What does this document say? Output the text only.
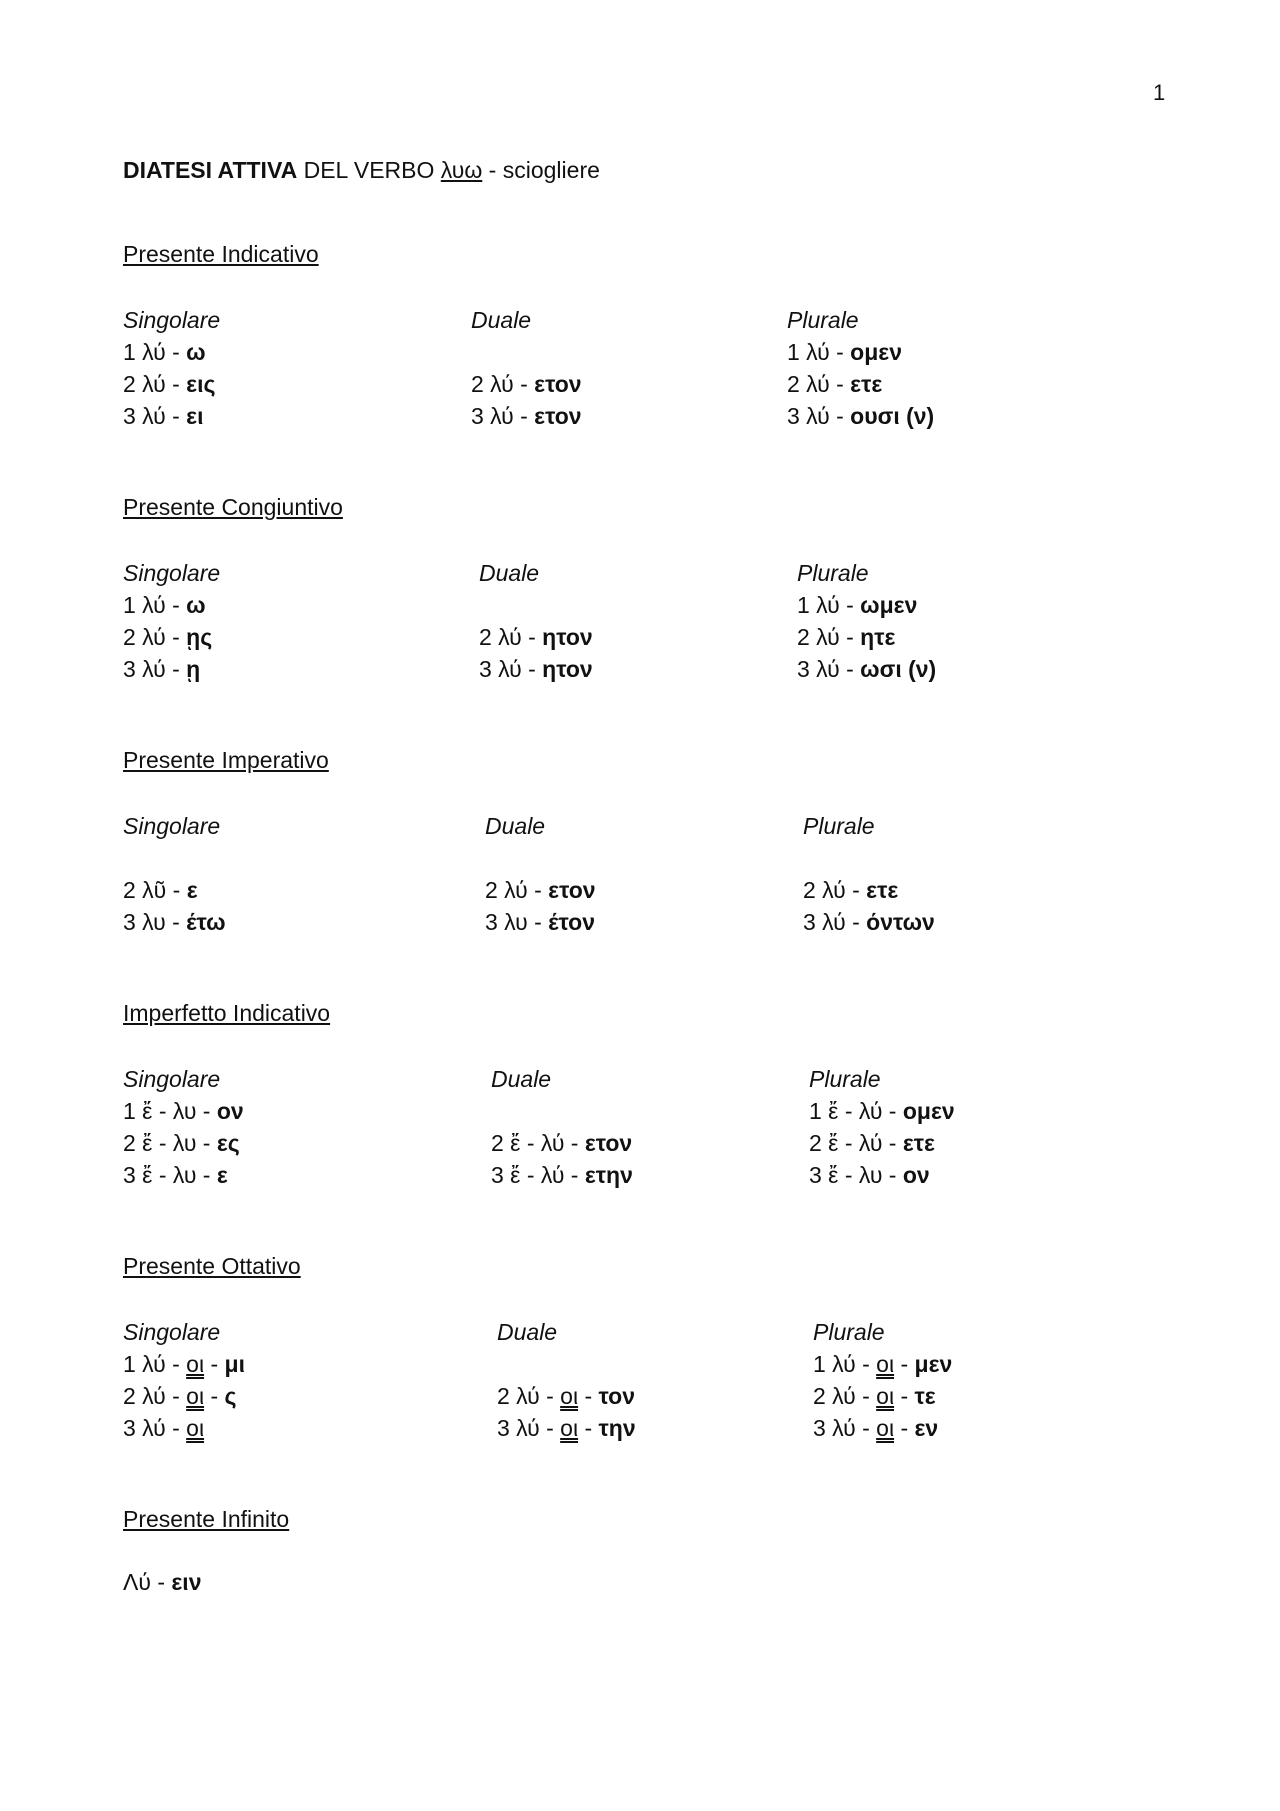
1
DIATESI ATTIVA DEL VERBO λυω - sciogliere
Presente Indicativo
Singolare
1 λύ - ω
2 λύ - εις
3 λύ - ει
Duale
2 λύ - ετον
3 λύ - ετον
Plurale
1 λύ - ομεν
2 λύ - ετε
3 λύ - ουσι (ν)
Presente Congiuntivo
Singolare
1 λύ - ω
2 λύ - ῃς
3 λύ - ῃ
Duale
2 λύ - ητον
3 λύ - ητον
Plurale
1 λύ - ωμεν
2 λύ - ητε
3 λύ - ωσι (ν)
Presente Imperativo
Singolare
2 λῦ - ε
3 λυ - έτω
Duale
2 λύ - ετον
3 λυ - έτον
Plurale
2 λύ - ετε
3 λύ - όντων
Imperfetto Indicativo
Singolare
1 ἔ - λυ - ον
2 ἔ - λυ - ες
3 ἔ - λυ - ε
Duale
2 ἔ - λύ - ετον
3 ἔ - λύ - ετην
Plurale
1 ἔ - λύ - ομεν
2 ἔ - λύ - ετε
3 ἔ - λυ - ον
Presente Ottativo
Singolare
1 λύ - οι - μι
2 λύ - οι - ς
3 λύ - οι
Duale
2 λύ - οι - τον
3 λύ - οι - την
Plurale
1 λύ - οι - μεν
2 λύ - οι - τε
3 λύ - οι - εν
Presente Infinito
Λύ - ειν
